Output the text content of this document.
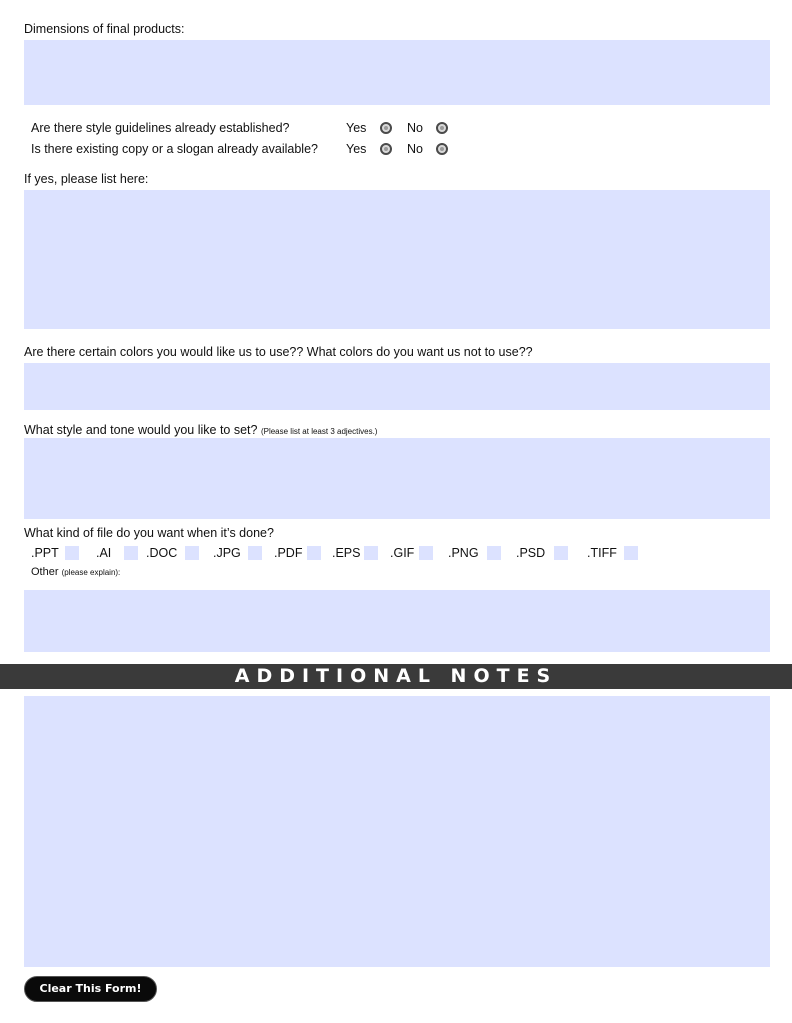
Dimensions of final products:
Are there style guidelines already established?	Yes	No
Is there existing copy or a slogan already available? Yes	No
If yes, please list here:
Are there certain colors you would like us to use?? What colors do you want us not to use??
What style and tone would you like to set? (Please list at least 3 adjectives.)
What kind of file do you want when it’s done?
.PPT	.AI	.DOC	.JPG	.PDF .EPS .GIF	.PNG	.PSD	.TIFF
Other (please explain):
ADDITIONAL NOTES
Clear This Form!
